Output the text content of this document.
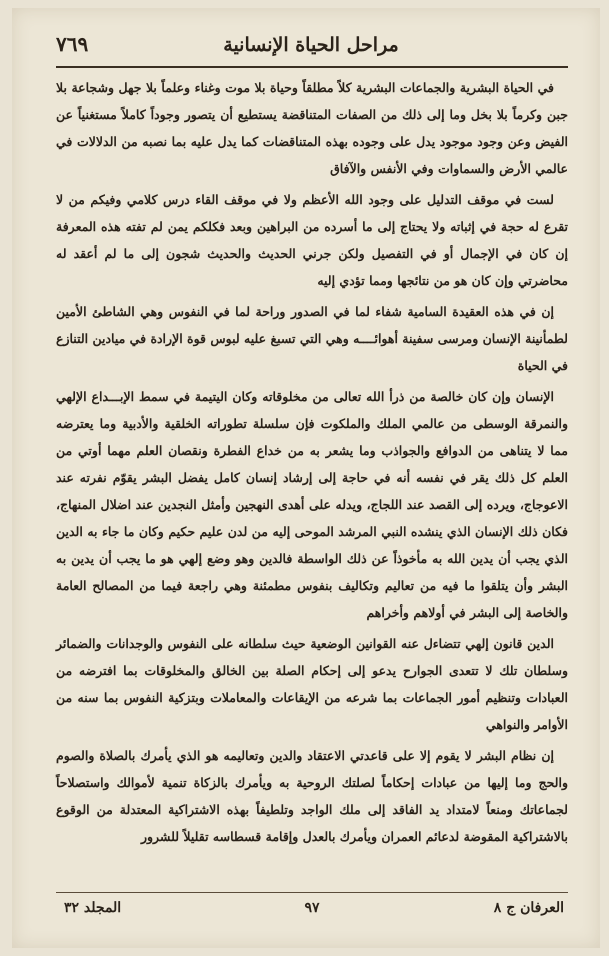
مراحل الحياة الإنسانية
٧٦٩

في الحياة البشرية والجماعات البشرية كلاً مطلقاً وحياة بلا موت وغناء وعلماً بلا جهل وشجاعة بلا جبن وكرماً بلا بخل وما إلى ذلك من الصفات المتناقضة يستطيع أن يتصور وجوداً كاملاً مستغنياً عن الفيض وعن وجود موجود يدل على وجوده بهذه المتناقضات كما يدل عليه بما نصبه من الدلالات في عالمي الأرض والسماوات وفي الأنفس والآفاق

لست في موقف التدليل على وجود الله الأعظم ولا في موقف القاء درس كلامي وفيكم من لا تقرع له حجة في إثباته ولا يحتاج إلى ما أسرده من البراهين وبعد فكلكم يمن لم تفته هذه المعرفة إن كان في الإجمال أو في التفصيل ولكن جرني الحديث والحديث شجون إلى ما لم أعقد له محاضرتي وإن كان هو من نتائجها ومما تؤدي إليه

إن في هذه العقيدة السامية شفاء لما في الصدور وراحة لما في النفوس وهي الشاطئ الأمين لطمأنينة الإنسان ومرسى سفينة أهوائــــه وهي التي تسبغ عليه لبوس قوة الإرادة في ميادين التنازع في الحياة

الإنسان وإن كان خالصة من ذرأ الله تعالى من مخلوقاته وكان اليتيمة في سمط الإبـــداع الإلهي والنمرقة الوسطى من عالمي الملك والملكوت فإن سلسلة تطوراته الخلقية والأدبية وما يعترضه مما لا يتناهى من الدوافع والجواذب وما يشعر به من خداع الفطرة ونقصان العلم مهما أوتي من العلم كل ذلك يقر في نفسه أنه في حاجة إلى إرشاد إنسان كامل يفضل البشر يقوّم نفرته عند الاعوجاج، ويرده إلى القصد عند اللجاج، ويدله على أهدى النهجين وأمثل النجدين عند اضلال المنهاج، فكان ذلك الإنسان الذي ينشده النبي المرشد الموحى إليه من لدن عليم حكيم وكان ما جاء به الدين الذي يجب أن يدين الله به مأخوذاً عن ذلك الواسطة فالدين وهو وضع إلهي هو ما يجب أن يدين به البشر وأن يتلقوا ما فيه من تعاليم وتكاليف بنفوس مطمئنة وهي راجعة فيما من المصالح العامة والخاصة إلى البشر في أولاهم وأخراهم

الدين قانون إلهي تتضاءل عنه القوانين الوضعية حيث سلطانه على النفوس والوجدانات والضمائر وسلطان تلك لا تتعدى الجوارح يدعو إلى إحكام الصلة بين الخالق والمخلوقات بما افترضه من العبادات وتنظيم أمور الجماعات بما شرعه من الإيقاعات والمعاملات وبتزكية النفوس بما سنه من الأوامر والنواهي

إن نظام البشر لا يقوم إلا على قاعدتي الاعتقاد والدين وتعاليمه هو الذي يأمرك بالصلاة والصوم والحج وما إليها من عبادات إحكاماً لصلتك الروحية به ويأمرك بالزكاة تنمية لأموالك واستصلاحاً لجماعاتك ومنعاً لامتداد يد الفاقد إلى ملك الواجد وتلطيفاً بهذه الاشتراكية المعتدلة من الوقوع بالاشتراكية المقوضة لدعائم العمران ويأمرك بالعدل وإقامة قسطاسه تقليلاً للشرور

العرفان ج ٨
٩٧
المجلد ٣٢
